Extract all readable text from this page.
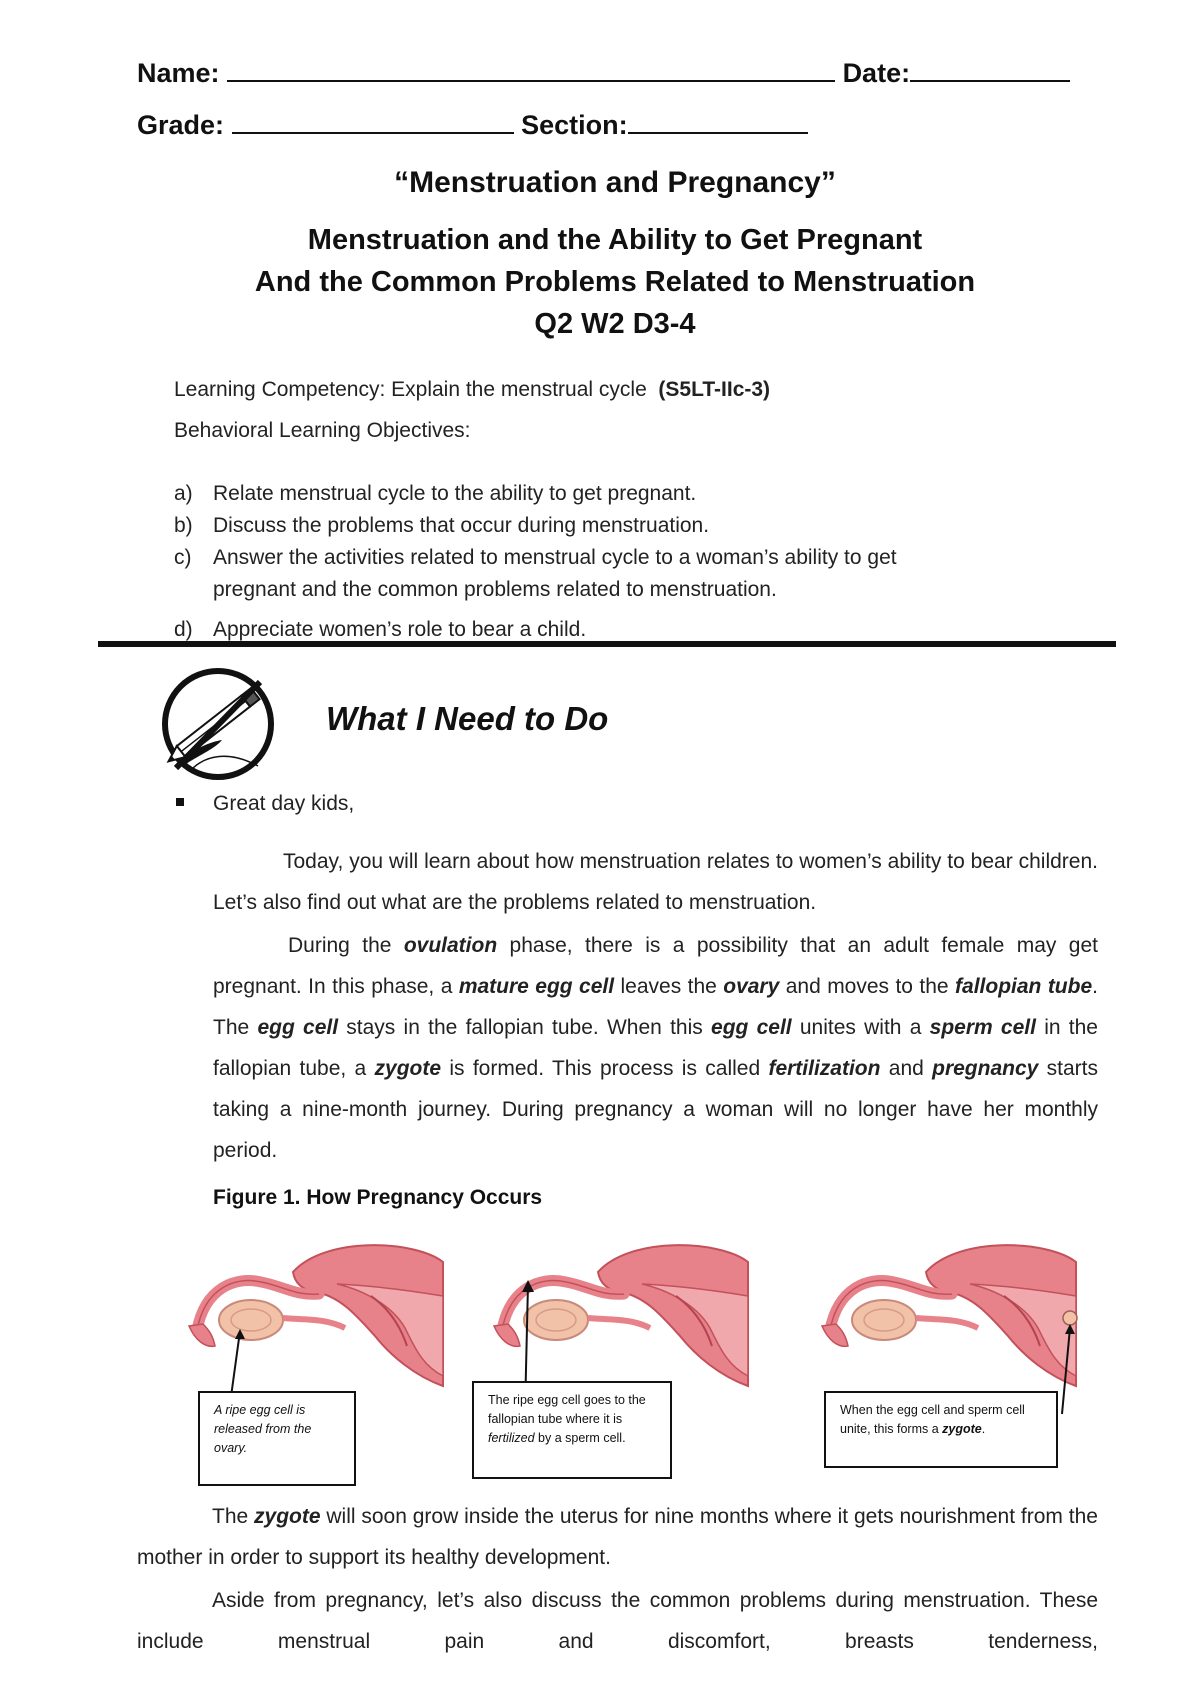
Name:	Date:
Grade:	Section:
“Menstruation and Pregnancy”
Menstruation and the Ability to Get Pregnant
And the Common Problems Related to Menstruation
Q2 W2 D3-4
Learning Competency: Explain the menstrual cycle (S5LT-IIc-3)
Behavioral Learning Objectives:
a) Relate menstrual cycle to the ability to get pregnant.
b) Discuss the problems that occur during menstruation.
c) Answer the activities related to menstrual cycle to a woman’s ability to get
pregnant and the common problems related to menstruation.
d) Appreciate women’s role to bear a child.
What I Need to Do
Great day kids,

Today, you will learn about how menstruation relates to women’s ability to bear children. Let’s also find out what are the problems related to menstruation.

During the ovulation phase, there is a possibility that an adult female may get pregnant. In this phase, a mature egg cell leaves the ovary and moves to the fallopian tube. The egg cell stays in the fallopian tube. When this egg cell unites with a sperm cell in the fallopian tube, a zygote is formed. This process is called fertilization and pregnancy starts taking a nine-month journey. During pregnancy a woman will no longer have her monthly period.

Figure 1. How Pregnancy Occurs
A ripe egg cell is released from the ovary.
The ripe egg cell goes to the fallopian tube where it is fertilized by a sperm cell.
When the egg cell and sperm cell unite, this forms a zygote.

The zygote will soon grow inside the uterus for nine months where it gets nourishment from the mother in order to support its healthy development.

Aside from pregnancy, let’s also discuss the common problems during menstruation. These include menstrual pain and discomfort, breasts tenderness,
